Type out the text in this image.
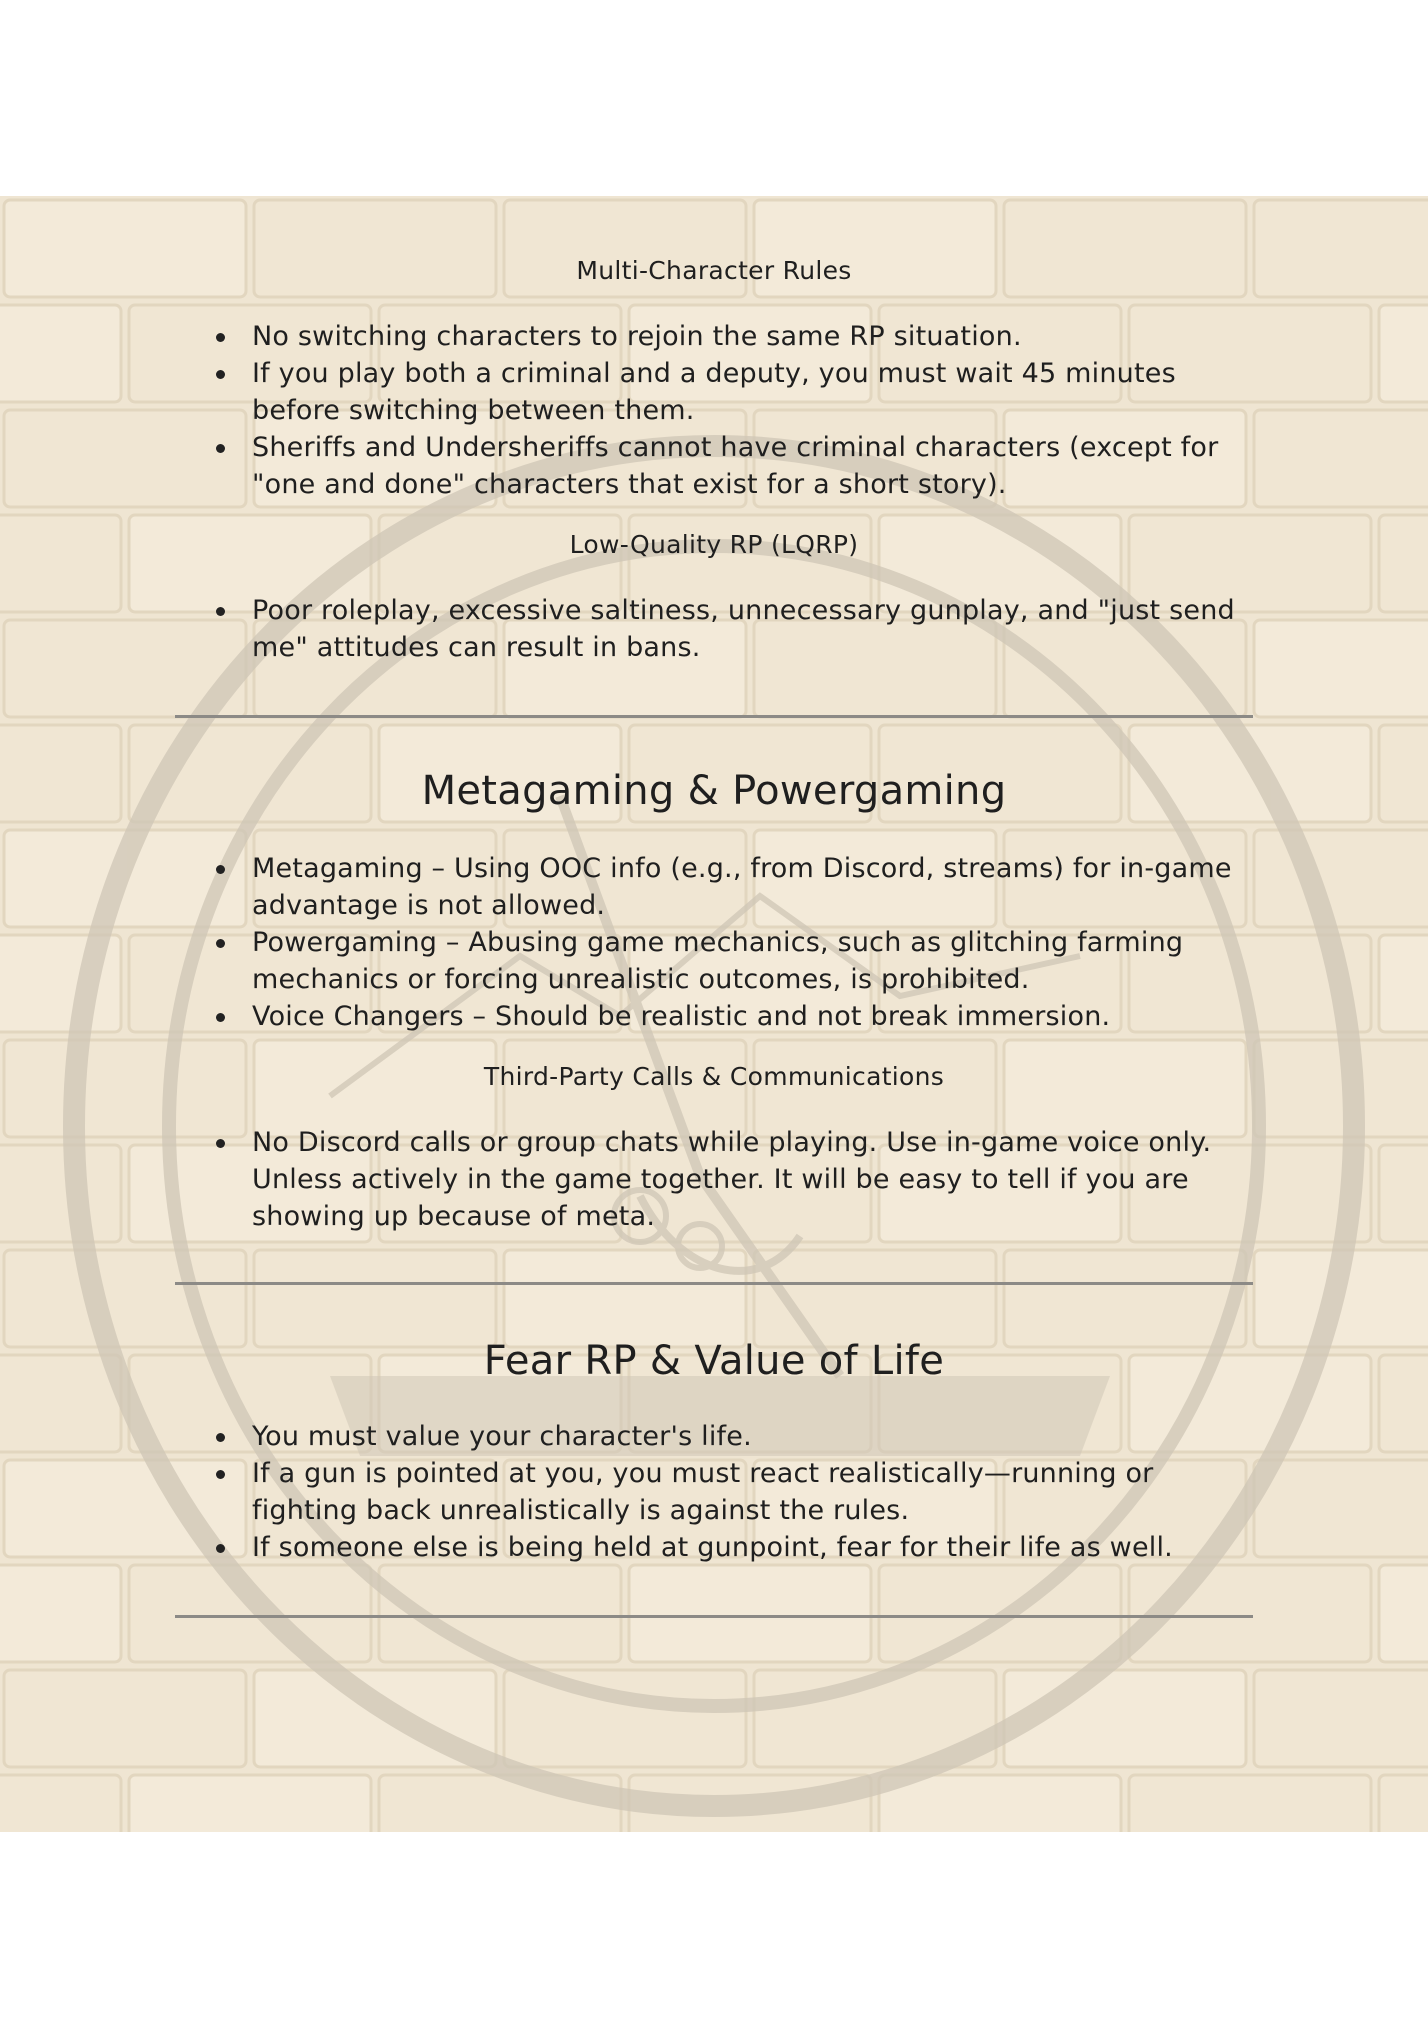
Multi-Character Rules
No switching characters to rejoin the same RP situation.
If you play both a criminal and a deputy, you must wait 45 minutes before switching between them.
Sheriffs and Undersheriffs cannot have criminal characters (except for "one and done" characters that exist for a short story).
Low-Quality RP (LQRP)
Poor roleplay, excessive saltiness, unnecessary gunplay, and "just send me" attitudes can result in bans.
Metagaming & Powergaming
Metagaming – Using OOC info (e.g., from Discord, streams) for in-game advantage is not allowed.
Powergaming – Abusing game mechanics, such as glitching farming mechanics or forcing unrealistic outcomes, is prohibited.
Voice Changers – Should be realistic and not break immersion.
Third-Party Calls & Communications
No Discord calls or group chats while playing. Use in-game voice only. Unless actively in the game together. It will be easy to tell if you are showing up because of meta.
Fear RP & Value of Life
You must value your character's life.
If a gun is pointed at you, you must react realistically—running or fighting back unrealistically is against the rules.
If someone else is being held at gunpoint, fear for their life as well.
